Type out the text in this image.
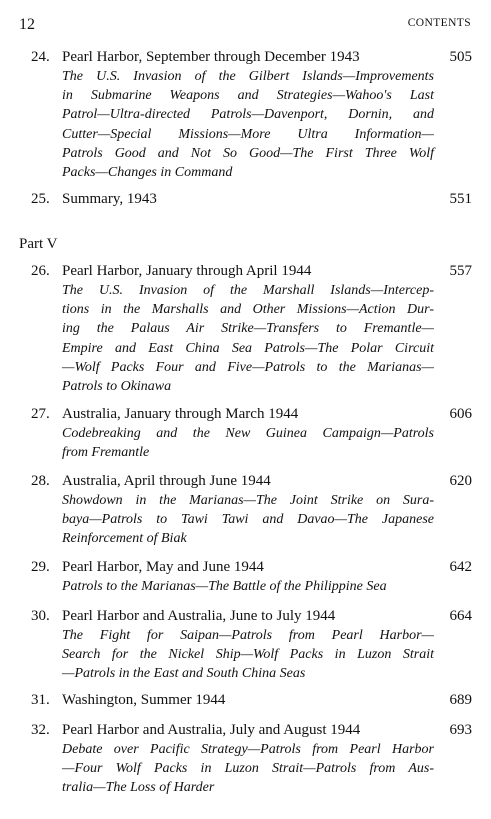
12	CONTENTS
Part V
24. Pearl Harbor, September through December 1943	505
The U.S. Invasion of the Gilbert Islands—Improvements
in Submarine Weapons and Strategies—Wahoo's Last
Patrol—Ultra-directed Patrols—Davenport, Dornin, and
Cutter—Special Missions—More Ultra Information—
Patrols Good and Not So Good—The First Three Wolf
Packs—Changes in Command
25. Summary, 1943	551
26. Pearl Harbor, January through April 1944	557
The U.S. Invasion of the Marshall Islands—Intercep-
tions in the Marshalls and Other Missions—Action Dur-
ing the Palaus Air Strike—Transfers to Fremantle—
Empire and East China Sea Patrols—The Polar Circuit
—Wolf Packs Four and Five—Patrols to the Marianas—
Patrols to Okinawa
27. Australia, January through March 1944	606
Codebreaking and the New Guinea Campaign—Patrols
from Fremantle
28. Australia, April through June 1944	620
Showdown in the Marianas—The Joint Strike on Sura-
baya—Patrols to Tawi Tawi and Davao—The Japanese
Reinforcement of Biak
29. Pearl Harbor, May and June 1944	642
Patrols to the Marianas—The Battle of the Philippine Sea
30. Pearl Harbor and Australia, June to July 1944	664
The Fight for Saipan—Patrols from Pearl Harbor—
Search for the Nickel Ship—Wolf Packs in Luzon Strait
—Patrols in the East and South China Seas
31. Washington, Summer 1944	689
32. Pearl Harbor and Australia, July and August 1944	693
Debate over Pacific Strategy—Patrols from Pearl Harbor
—Four Wolf Packs in Luzon Strait—Patrols from Aus-
tralia—The Loss of Harder
